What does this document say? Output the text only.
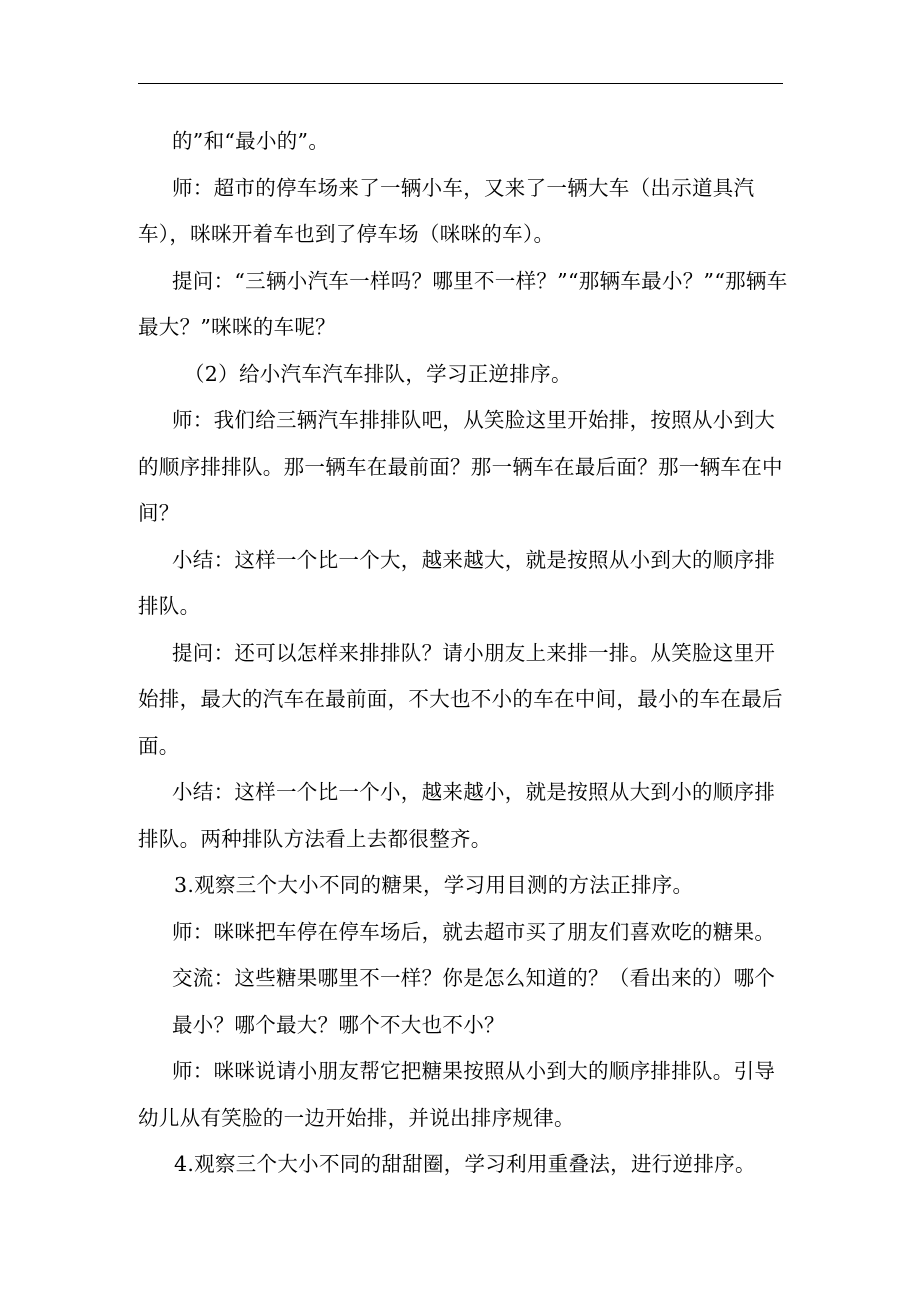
的”和“最小的”。

师：超市的停车场来了一辆小车，又来了一辆大车（出示道具汽车），咪咪开着车也到了停车场（咪咪的车）。

提问：“三辆小汽车一样吗？哪里不一样？”“那辆车最小？”“那辆车最大？”咪咪的车呢？

（2）给小汽车汽车排队，学习正逆排序。

师：我们给三辆汽车排排队吧，从笑脸这里开始排，按照从小到大的顺序排排队。那一辆车在最前面？那一辆车在最后面？那一辆车在中间？

小结：这样一个比一个大，越来越大，就是按照从小到大的顺序排排队。

提问：还可以怎样来排排队？请小朋友上来排一排。从笑脸这里开始排，最大的汽车在最前面，不大也不小的车在中间，最小的车在最后面。

小结：这样一个比一个小，越来越小，就是按照从大到小的顺序排排队。两种排队方法看上去都很整齐。

3.观察三个大小不同的糖果，学习用目测的方法正排序。

师：咪咪把车停在停车场后，就去超市买了朋友们喜欢吃的糖果。

交流：这些糖果哪里不一样？你是怎么知道的？（看出来的）哪个最小？哪个最大？哪个不大也不小？

师：咪咪说请小朋友帮它把糖果按照从小到大的顺序排排队。引导幼儿从有笑脸的一边开始排，并说出排序规律。

4.观察三个大小不同的甜甜圈，学习利用重叠法，进行逆排序。
